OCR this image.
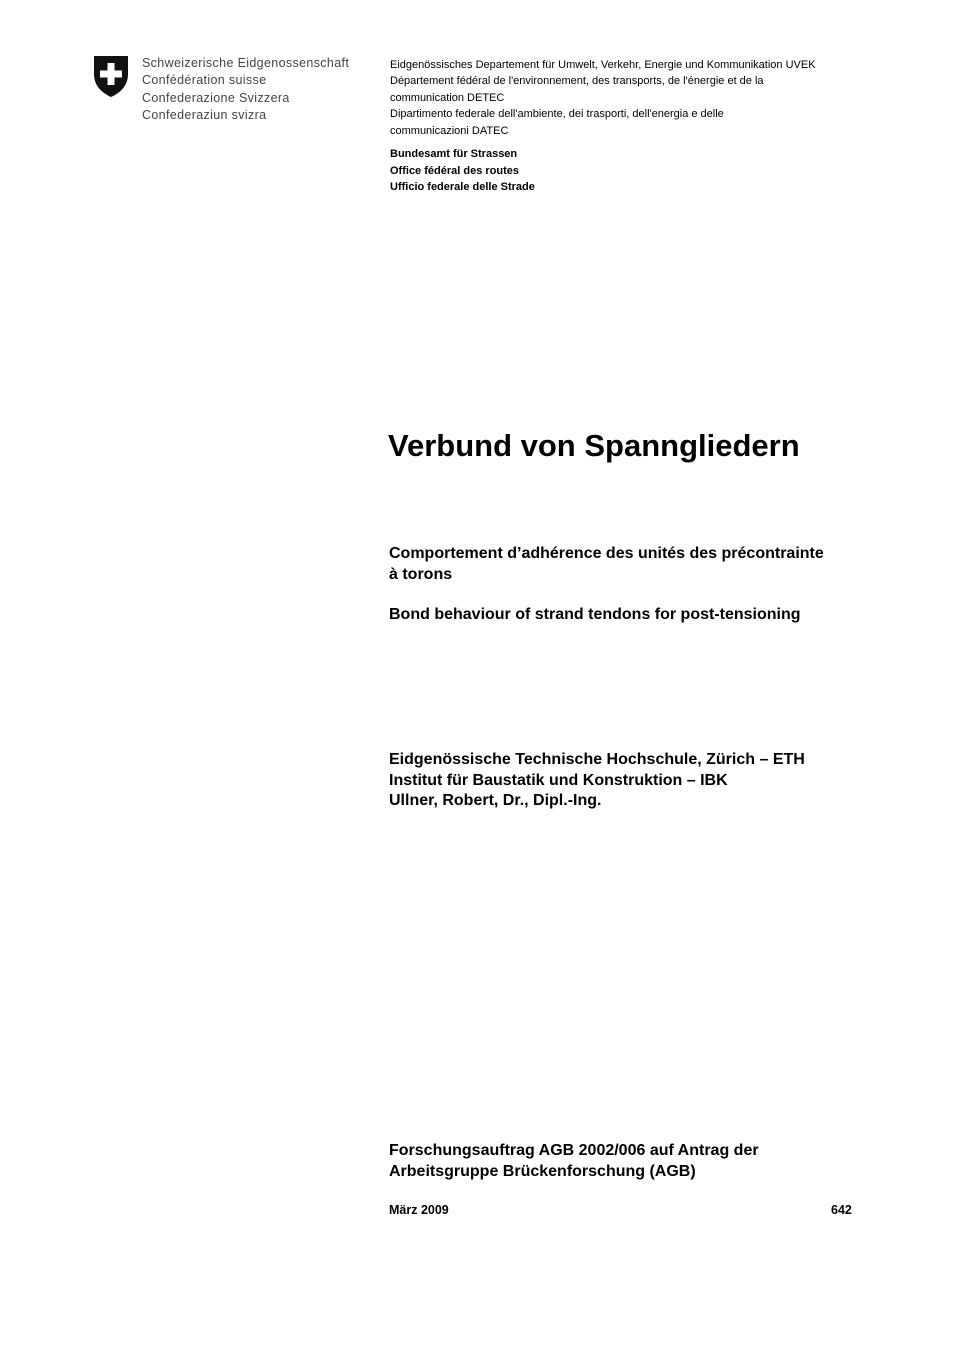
Schweizerische Eidgenossenschaft
Confédération suisse
Confederazione Svizzera
Confederaziun svizra
Eidgenössisches Departement für Umwelt, Verkehr, Energie und Kommunikation UVEK
Département fédéral de l'environnement, des transports, de l'énergie et de la
communication DETEC
Dipartimento federale dell'ambiente, dei trasporti, dell'energia e delle
communicazioni DATEC
Bundesamt für Strassen
Office fédéral des routes
Ufficio federale delle Strade
Verbund von Spanngliedern
Comportement d’adhérence des unités des précontrainte
à torons
Bond behaviour of strand tendons for post-tensioning
Eidgenössische Technische Hochschule, Zürich – ETH
Institut für Baustatik und Konstruktion – IBK
Ullner, Robert, Dr., Dipl.-Ing.
Forschungsauftrag AGB 2002/006 auf Antrag der
Arbeitsgruppe Brückenforschung (AGB)
März 2009	642
